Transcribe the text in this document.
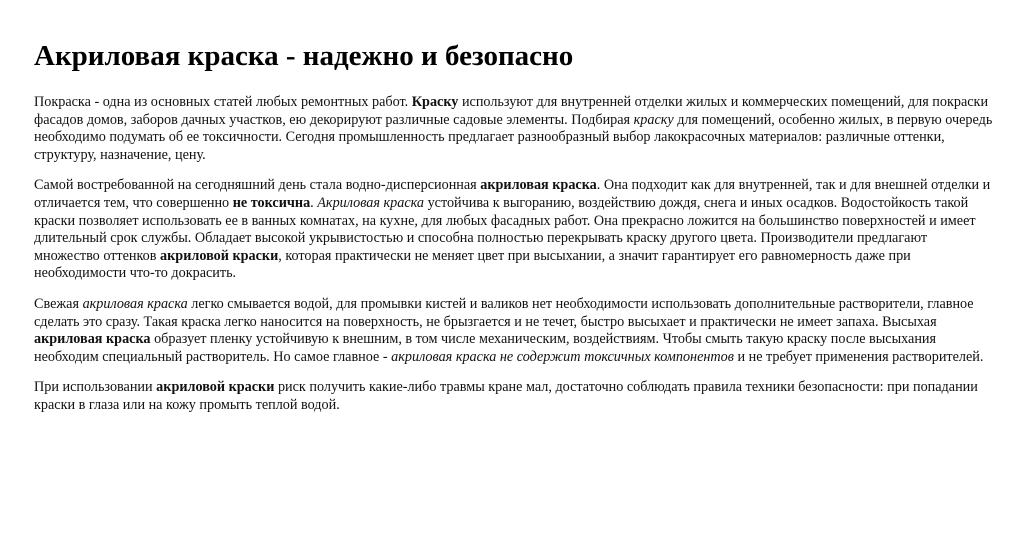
Акриловая краска - надежно и безопасно

Покраска - одна из основных статей любых ремонтных работ. Краску используют для внутренней отделки жилых и коммерческих помещений, для покраски фасадов домов, заборов дачных участков, ею декорируют различные садовые элементы. Подбирая краску для помещений, особенно жилых, в первую очередь необходимо подумать об ее токсичности. Сегодня промышленность предлагает разнообразный выбор лакокрасочных материалов: различные оттенки, структуру, назначение, цену.

Самой востребованной на сегодняшний день стала водно-дисперсионная акриловая краска. Она подходит как для внутренней, так и для внешней отделки и отличается тем, что совершенно не токсична. Акриловая краска устойчива к выгоранию, воздействию дождя, снега и иных осадков. Водостойкость такой краски позволяет использовать ее в ванных комнатах, на кухне, для любых фасадных работ. Она прекрасно ложится на большинство поверхностей и имеет длительный срок службы. Обладает высокой укрывистостью и способна полностью перекрывать краску другого цвета. Производители предлагают множество оттенков акриловой краски, которая практически не меняет цвет при высыхании, а значит гарантирует его равномерность даже при необходимости что-то докрасить.

Свежая акриловая краска легко смывается водой, для промывки кистей и валиков нет необходимости использовать дополнительные растворители, главное сделать это сразу. Такая краска легко наносится на поверхность, не брызгается и не течет, быстро высыхает и практически не имеет запаха. Высыхая акриловая краска образует пленку устойчивую к внешним, в том числе механическим, воздействиям. Чтобы смыть такую краску после высыхания необходим специальный растворитель. Но самое главное - акриловая краска не содержит токсичных компонентов и не требует применения растворителей.

При использовании акриловой краски риск получить какие-либо травмы кране мал, достаточно соблюдать правила техники безопасности: при попадании краски в глаза или на кожу промыть теплой водой.
